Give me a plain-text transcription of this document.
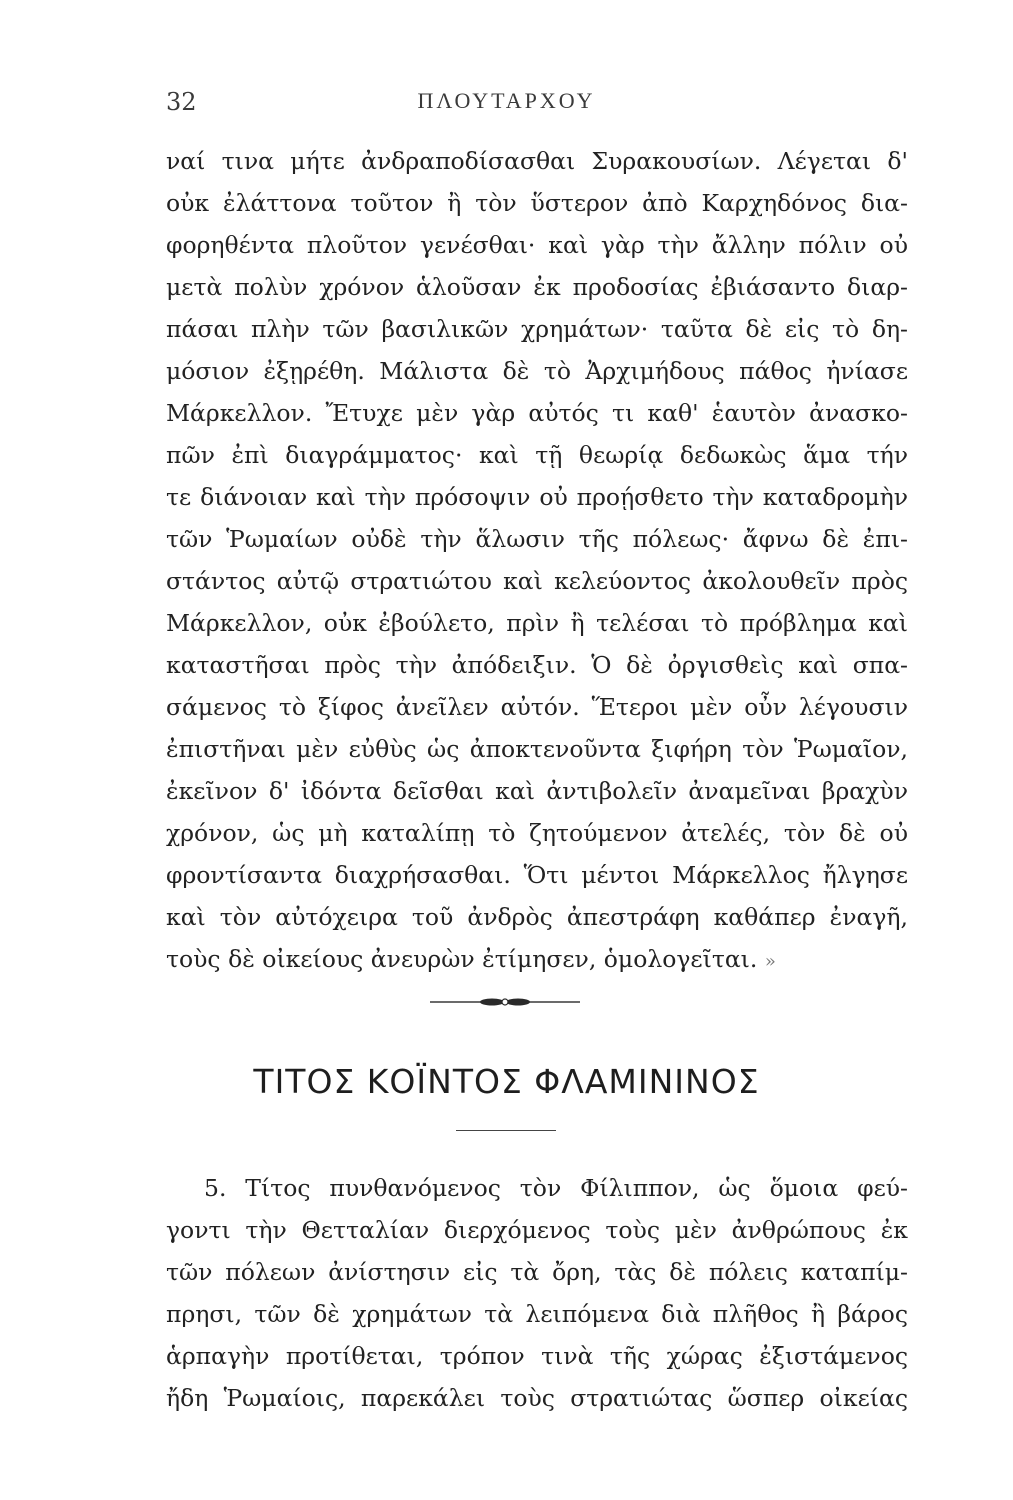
32	ΠΛΟΥΤΑΡΧΟΥ
ναί τινα μήτε ἀνδραποδίσασθαι Συρακουσίων. Λέγεται δ'
οὐκ ἐλάττονα τοῦτον ἢ τὸν ὕστερον ἀπὸ Καρχηδόνος δια-
φορηθέντα πλοῦτον γενέσθαι· καὶ γὰρ τὴν ἄλλην πόλιν οὐ
μετὰ πολὺν χρόνον ἁλοῦσαν ἐκ προδοσίας ἐβιάσαντο διαρ-
πάσαι πλὴν τῶν βασιλικῶν χρημάτων· ταῦτα δὲ εἰς τὸ δη-
μόσιον ἐξῃρέθη. Μάλιστα δὲ τὸ Ἀρχιμήδους πάθος ἠνίασε
Μάρκελλον. Ἔτυχε μὲν γὰρ αὐτός τι καθ' ἑαυτὸν ἀνασκο-
πῶν ἐπὶ διαγράμματος· καὶ τῇ θεωρίᾳ δεδωκὼς ἅμα τήν
τε διάνοιαν καὶ τὴν πρόσοψιν οὐ προῄσθετο τὴν καταδρομὴν
τῶν Ῥωμαίων οὐδὲ τὴν ἅλωσιν τῆς πόλεως· ἄφνω δὲ ἐπι-
στάντος αὐτῷ στρατιώτου καὶ κελεύοντος ἀκολουθεῖν πρὸς
Μάρκελλον, οὐκ ἐβούλετο, πρὶν ἢ τελέσαι τὸ πρόβλημα καὶ
καταστῆσαι πρὸς τὴν ἀπόδειξιν. Ὁ δὲ ὀργισθεὶς καὶ σπα-
σάμενος τὸ ξίφος ἀνεῖλεν αὐτόν. Ἕτεροι μὲν οὖν λέγουσιν
ἐπιστῆναι μὲν εὐθὺς ὡς ἀποκτενοῦντα ξιφήρη τὸν Ῥωμαῖον,
ἐκεῖνον δ' ἰδόντα δεῖσθαι καὶ ἀντιβολεῖν ἀναμεῖναι βραχὺν
χρόνον, ὡς μὴ καταλίπῃ τὸ ζητούμενον ἀτελές, τὸν δὲ οὐ
φροντίσαντα διαχρήσασθαι. Ὅτι μέντοι Μάρκελλος ἤλγησε
καὶ τὸν αὐτόχειρα τοῦ ἀνδρὸς ἀπεστράφη καθάπερ ἐναγῆ,
τοὺς δὲ οἰκείους ἀνευρὼν ἐτίμησεν, ὁμολογεῖται. »
ΤΙΤΟΣ ΚΟΪΝΤΟΣ ΦΛΑΜΙΝΙΝΟΣ
5. Τίτος πυνθανόμενος τὸν Φίλιππον, ὡς ὅμοια φεύ-
γοντι τὴν Θετταλίαν διερχόμενος τοὺς μὲν ἀνθρώπους ἐκ
τῶν πόλεων ἀνίστησιν εἰς τὰ ὄρη, τὰς δὲ πόλεις καταπίμ-
πρησι, τῶν δὲ χρημάτων τὰ λειπόμενα διὰ πλῆθος ἢ βάρος
ἁρπαγὴν προτίθεται, τρόπον τινὰ τῆς χώρας ἐξιστάμενος
ἤδη Ῥωμαίοις, παρεκάλει τοὺς στρατιώτας ὥσπερ οἰκείας
